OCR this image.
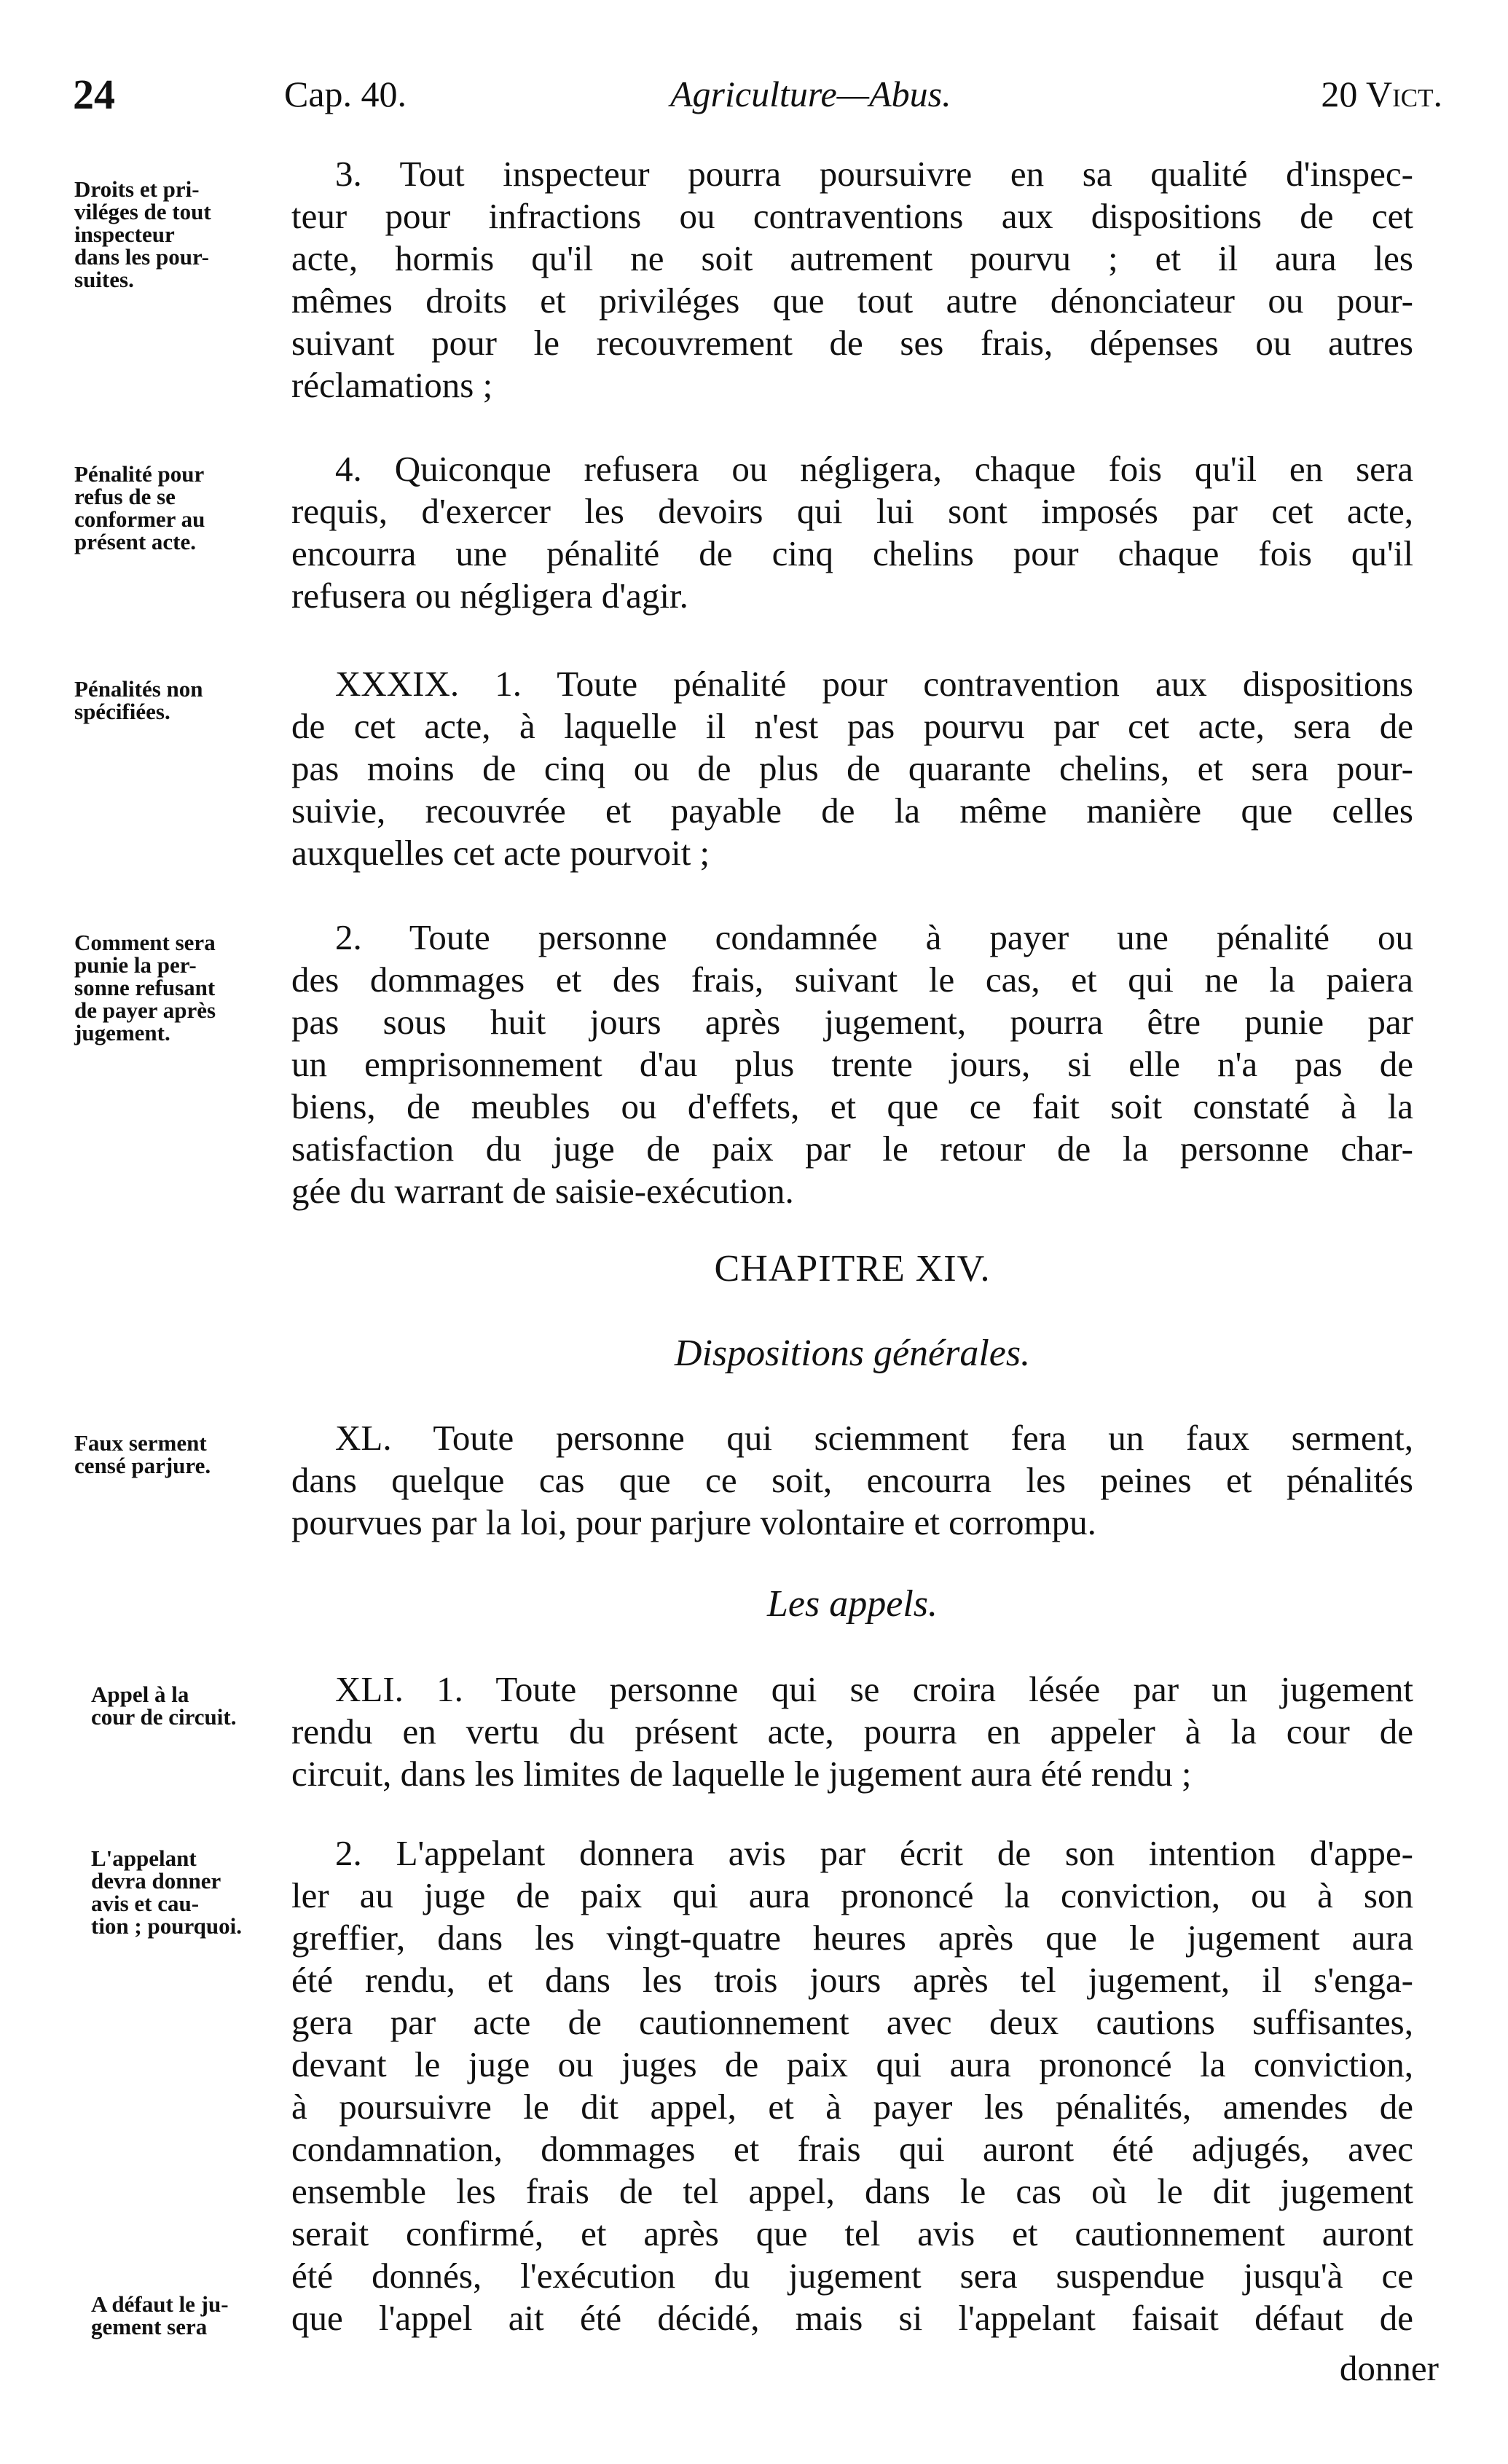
24	Cap. 40.	Agriculture—Abus.	20 Vict.
Droits et pri-
viléges de tout
inspecteur
dans les pour-
suites.
3. Tout inspecteur pourra poursuivre en sa qualité d'inspec-
teur pour infractions ou contraventions aux dispositions de cet
acte, hormis qu'il ne soit autrement pourvu ; et il aura les
mêmes droits et priviléges que tout autre dénonciateur ou pour-
suivant pour le recouvrement de ses frais, dépenses ou autres
réclamations ;
Pénalité pour
refus de se
conformer au
présent acte.
4. Quiconque refusera ou négligera, chaque fois qu'il en sera
requis, d'exercer les devoirs qui lui sont imposés par cet acte,
encourra une pénalité de cinq chelins pour chaque fois qu'il
refusera ou négligera d'agir.
Pénalités non
spécifiées.
XXXIX. 1. Toute pénalité pour contravention aux dispositions
de cet acte, à laquelle il n'est pas pourvu par cet acte, sera de
pas moins de cinq ou de plus de quarante chelins, et sera pour-
suivie, recouvrée et payable de la même manière que celles
auxquelles cet acte pourvoit ;
Comment sera
punie la per-
sonne refusant
de payer après
jugement.
2. Toute personne condamnée à payer une pénalité ou
des dommages et des frais, suivant le cas, et qui ne la paiera
pas sous huit jours après jugement, pourra être punie par
un emprisonnement d'au plus trente jours, si elle n'a pas de
biens, de meubles ou d'effets, et que ce fait soit constaté à la
satisfaction du juge de paix par le retour de la personne char-
gée du warrant de saisie-exécution.
CHAPITRE XIV.
Dispositions générales.
Faux serment
censé parjure.
XL. Toute personne qui sciemment fera un faux serment,
dans quelque cas que ce soit, encourra les peines et pénalités
pourvues par la loi, pour parjure volontaire et corrompu.
Les appels.
Appel à la
cour de circuit.
XLI. 1. Toute personne qui se croira lésée par un jugement
rendu en vertu du présent acte, pourra en appeler à la cour de
circuit, dans les limites de laquelle le jugement aura été rendu ;
L'appelant
devra donner
avis et cau-
tion ; pourquoi.
A défaut le ju-
gement sera
2. L'appelant donnera avis par écrit de son intention d'appe-
ler au juge de paix qui aura prononcé la conviction, ou à son
greffier, dans les vingt-quatre heures après que le jugement aura
été rendu, et dans les trois jours après tel jugement, il s'enga-
gera par acte de cautionnement avec deux cautions suffisantes,
devant le juge ou juges de paix qui aura prononcé la conviction,
à poursuivre le dit appel, et à payer les pénalités, amendes de
condamnation, dommages et frais qui auront été adjugés, avec
ensemble les frais de tel appel, dans le cas où le dit jugement
serait confirmé, et après que tel avis et cautionnement auront
été donnés, l'exécution du jugement sera suspendue jusqu'à ce
que l'appel ait été décidé, mais si l'appelant faisait défaut de
donner
